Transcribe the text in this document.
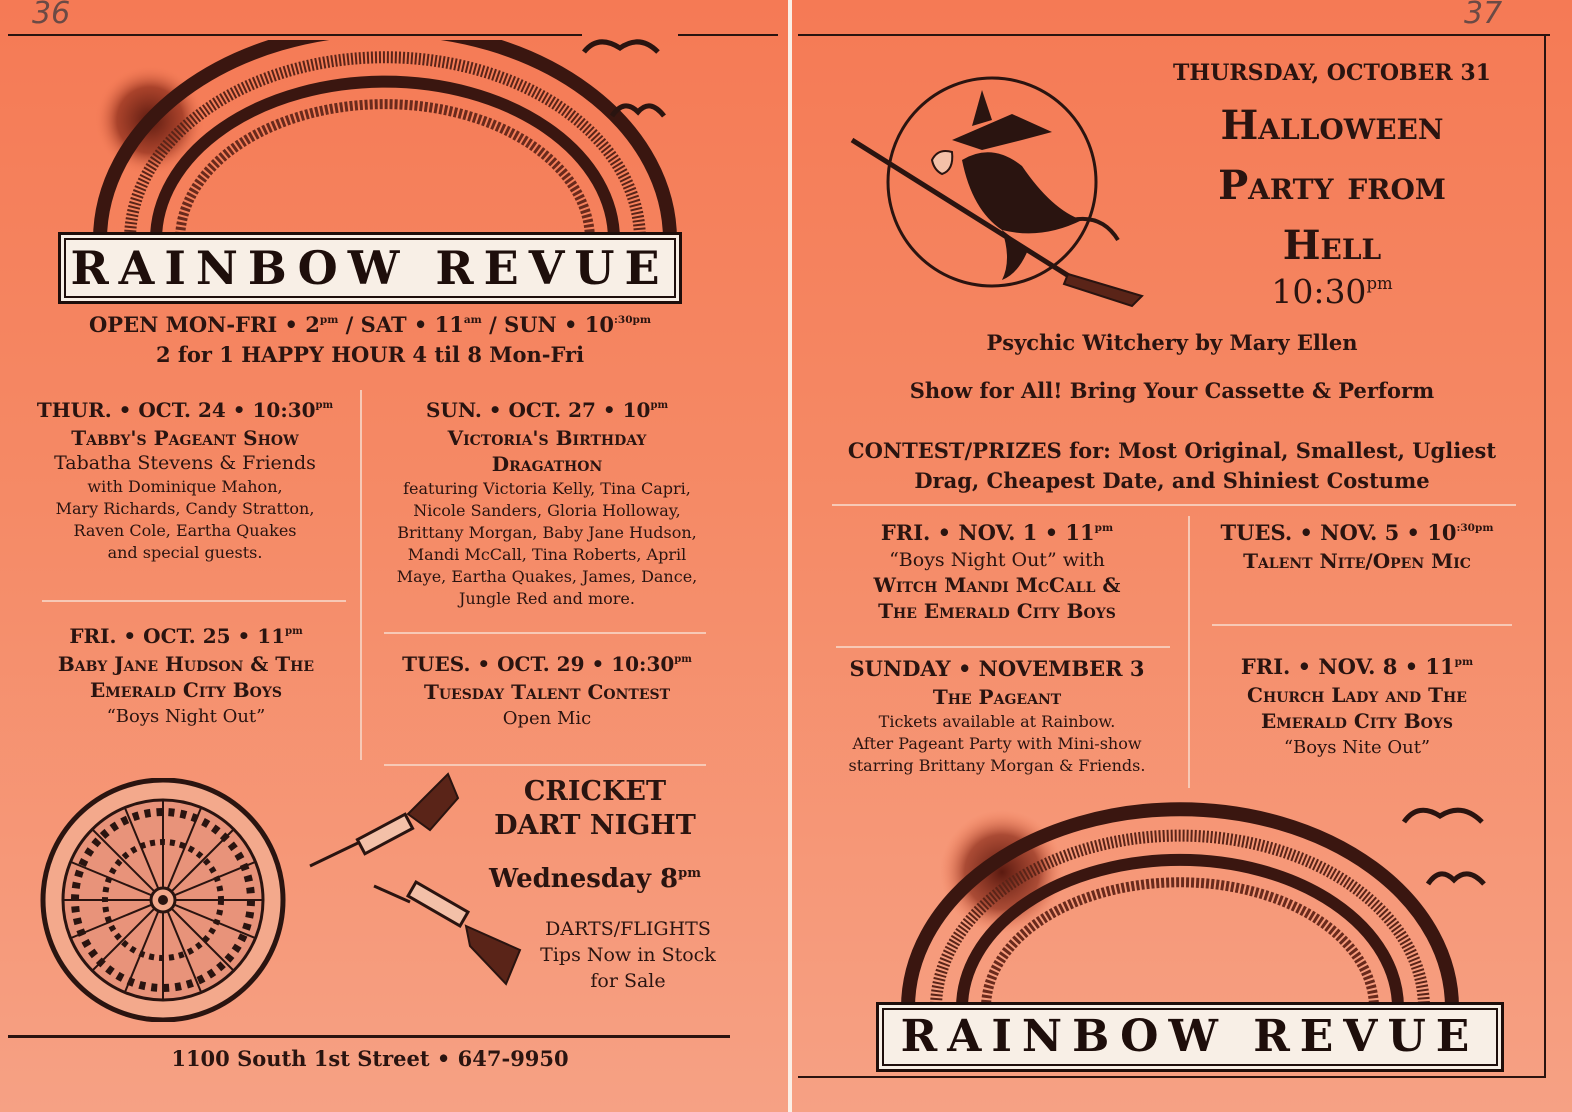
36
RAINBOW REVUE
OPEN MON-FRI • $2^{pm}$ / SAT • $11^{am}$ / SUN • $10^{:30pm}$
2 for 1 HAPPY HOUR 4 til 8 Mon-Fri
THUR. • OCT. 24 • $10:30^{pm}$
Tabby's Pageant Show
Tabatha Stevens & Friends
with Dominique Mahon,
Mary Richards, Candy Stratton,
Raven Cole, Eartha Quakes
and special guests.
FRI. • OCT. 25 • $11^{pm}$
Baby Jane Hudson & The
Emerald City Boys
“Boys Night Out”
SUN. • OCT. 27 • $10^{pm}$
Victoria's Birthday
Dragathon
featuring Victoria Kelly, Tina Capri,
Nicole Sanders, Gloria Holloway,
Brittany Morgan, Baby Jane Hudson,
Mandi McCall, Tina Roberts, April
Maye, Eartha Quakes, James, Dance,
Jungle Red and more.
TUES. • OCT. 29 • $10:30^{pm}$
Tuesday Talent Contest
Open Mic
CRICKET
DART NIGHT
Wednesday $8^{pm}$
DARTS/FLIGHTS
Tips Now in Stock
for Sale
1100 South 1st Street • 647-9950
37
THURSDAY, OCTOBER 31
Halloween
Party from
Hell
$10:30^{pm}$
Psychic Witchery by Mary Ellen
Show for All! Bring Your Cassette & Perform
CONTEST/PRIZES for: Most Original, Smallest, Ugliest
Drag, Cheapest Date, and Shiniest Costume
FRI. • NOV. 1 • $11^{pm}$
“Boys Night Out” with
Witch Mandi McCall &
The Emerald City Boys
SUNDAY • NOVEMBER 3
The Pageant
Tickets available at Rainbow.
After Pageant Party with Mini-show
starring Brittany Morgan & Friends.
TUES. • NOV. 5 • $10^{:30pm}$
Talent Nite/Open Mic
FRI. • NOV. 8 • $11^{pm}$
Church Lady and The
Emerald City Boys
“Boys Nite Out”
RAINBOW REVUE
